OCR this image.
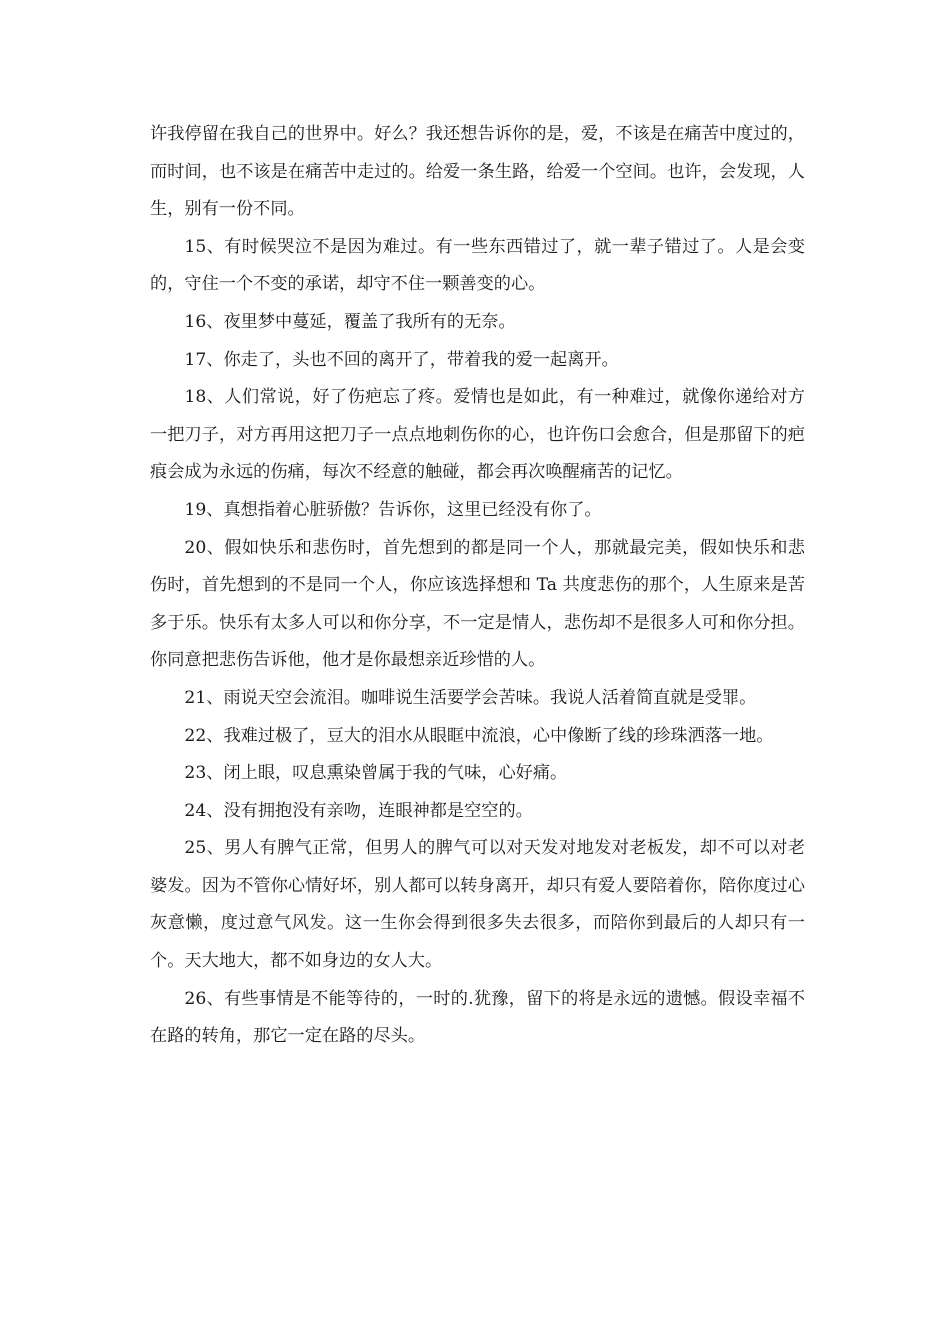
许我停留在我自己的世界中。好么？我还想告诉你的是，爱，不该是在痛苦中度过的，而时间，也不该是在痛苦中走过的。给爱一条生路，给爱一个空间。也许，会发现，人生，别有一份不同。

15、有时候哭泣不是因为难过。有一些东西错过了，就一辈子错过了。人是会变的，守住一个不变的承诺，却守不住一颗善变的心。

16、夜里梦中蔓延，覆盖了我所有的无奈。

17、你走了，头也不回的离开了，带着我的爱一起离开。

18、人们常说，好了伤疤忘了疼。爱情也是如此，有一种难过，就像你递给对方一把刀子，对方再用这把刀子一点点地刺伤你的心，也许伤口会愈合，但是那留下的疤痕会成为永远的伤痛，每次不经意的触碰，都会再次唤醒痛苦的记忆。

19、真想指着心脏骄傲？告诉你，这里已经没有你了。

20、假如快乐和悲伤时，首先想到的都是同一个人，那就最完美，假如快乐和悲伤时，首先想到的不是同一个人，你应该选择想和 Ta 共度悲伤的那个，人生原来是苦多于乐。快乐有太多人可以和你分享，不一定是情人，悲伤却不是很多人可和你分担。你同意把悲伤告诉他，他才是你最想亲近珍惜的人。

21、雨说天空会流泪。咖啡说生活要学会苦味。我说人活着简直就是受罪。

22、我难过极了，豆大的泪水从眼眶中流浪，心中像断了线的珍珠洒落一地。

23、闭上眼，叹息熏染曾属于我的气味，心好痛。

24、没有拥抱没有亲吻，连眼神都是空空的。

25、男人有脾气正常，但男人的脾气可以对天发对地发对老板发，却不可以对老婆发。因为不管你心情好坏，别人都可以转身离开，却只有爱人要陪着你，陪你度过心灰意懒，度过意气风发。这一生你会得到很多失去很多，而陪你到最后的人却只有一个。天大地大，都不如身边的女人大。

26、有些事情是不能等待的，一时的.犹豫，留下的将是永远的遗憾。假设幸福不在路的转角，那它一定在路的尽头。
